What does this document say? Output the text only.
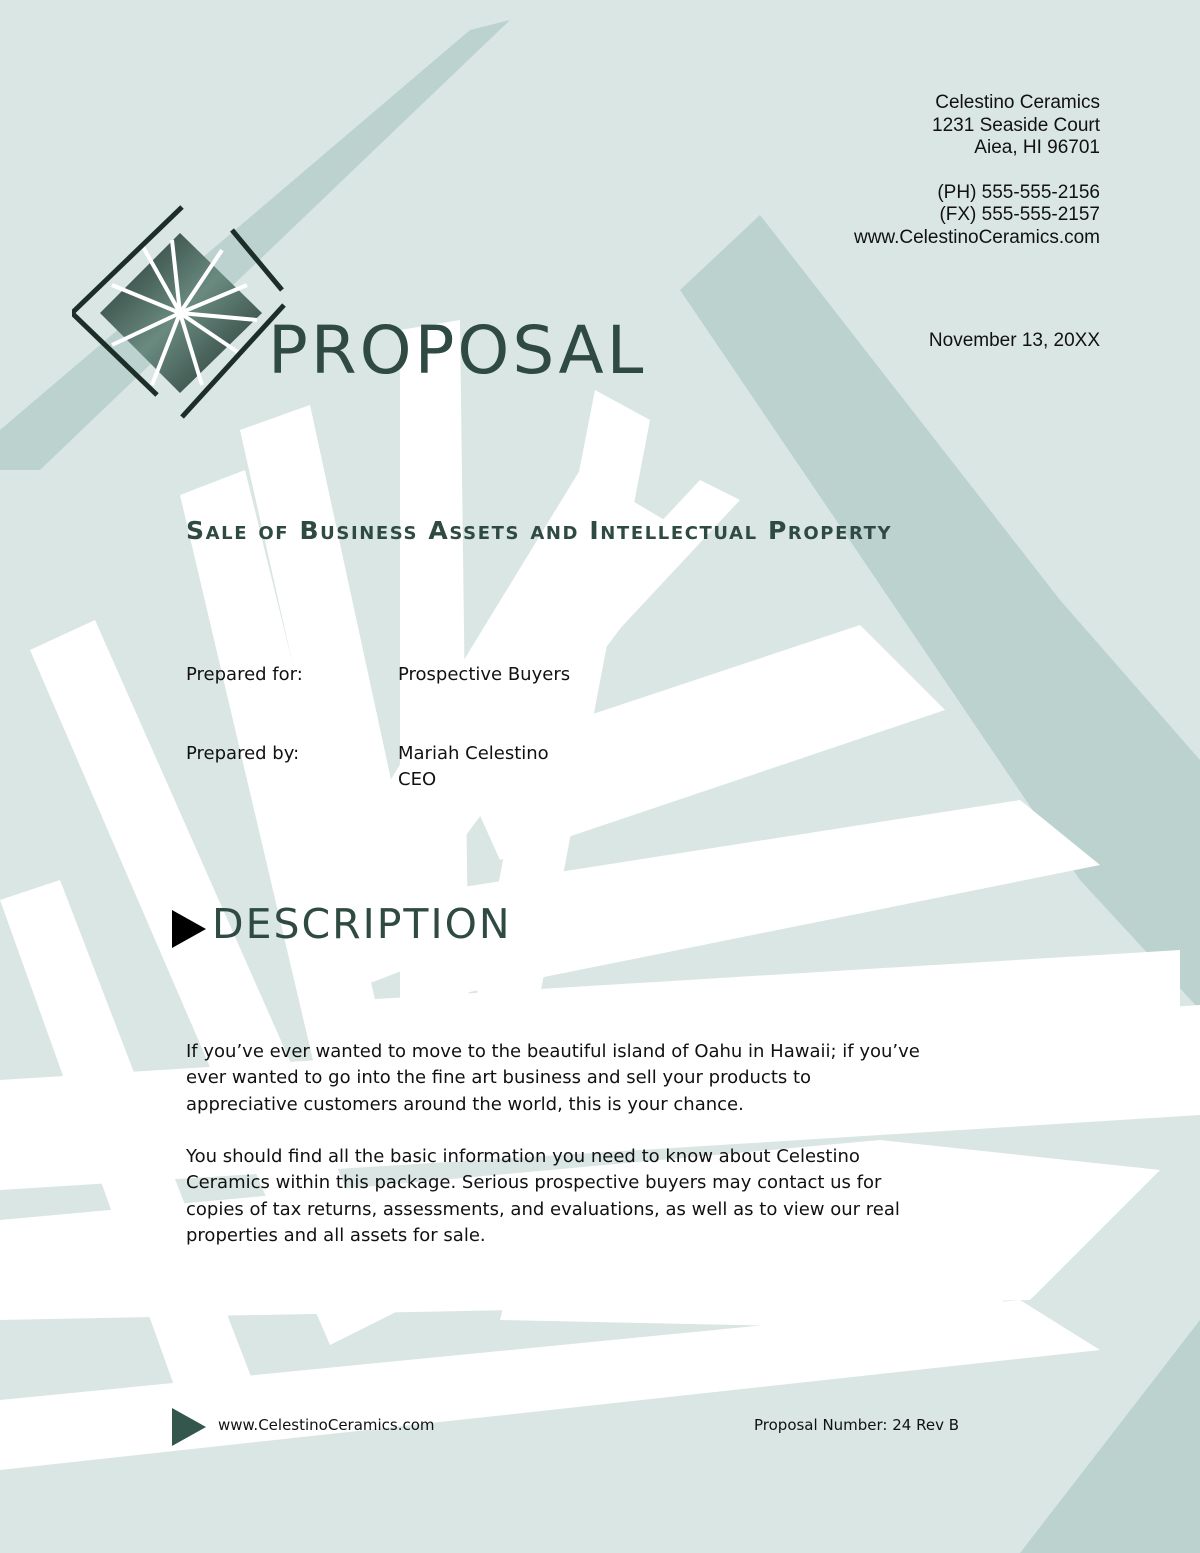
Celestino Ceramics
1231 Seaside Court
Aiea, HI 96701
(PH) 555-555-2156
(FX) 555-555-2157
www.CelestinoCeramics.com
November 13, 20XX
PROPOSAL
Sale of Business Assets and Intellectual Property
Prepared for:	Prospective Buyers
Prepared by:	Mariah Celestino
CEO
DESCRIPTION

If you’ve ever wanted to move to the beautiful island of Oahu in Hawaii; if you’ve ever wanted to go into the fine art business and sell your products to appreciative customers around the world, this is your chance.

You should find all the basic information you need to know about Celestino Ceramics within this package. Serious prospective buyers may contact us for copies of tax returns, assessments, and evaluations, as well as to view our real properties and all assets for sale.

www.CelestinoCeramics.com	Proposal Number: 24 Rev B
